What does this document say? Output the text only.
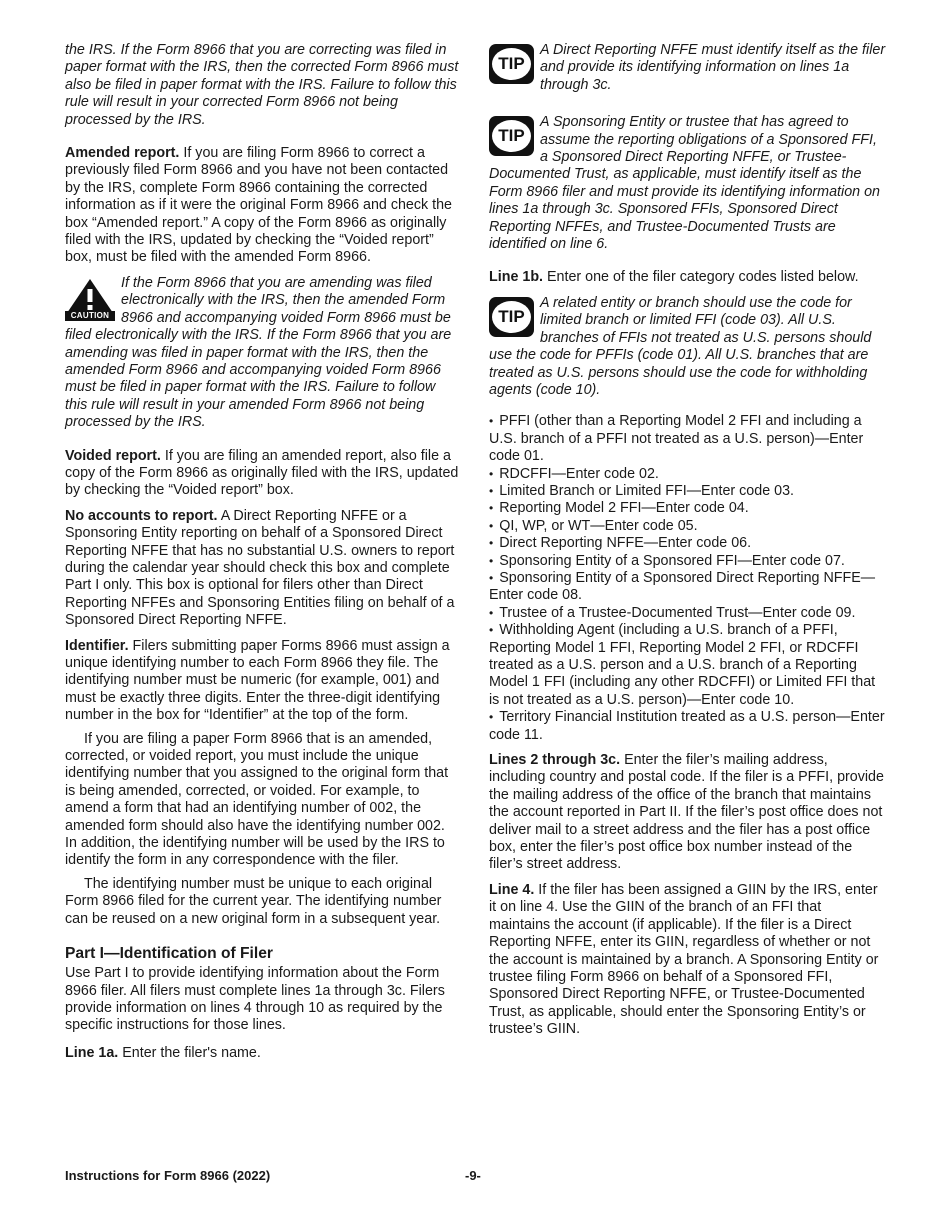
the IRS. If the Form 8966 that you are correcting was filed in paper format with the IRS, then the corrected Form 8966 must also be filed in paper format with the IRS. Failure to follow this rule will result in your corrected Form 8966 not being processed by the IRS.

Amended report. If you are filing Form 8966 to correct a previously filed Form 8966 and you have not been contacted by the IRS, complete Form 8966 containing the corrected information as if it were the original Form 8966 and check the box “Amended report.” A copy of the Form 8966 as originally filed with the IRS, updated by checking the “Voided report” box, must be filed with the amended Form 8966.

CAUTION

If the Form 8966 that you are amending was filed electronically with the IRS, then the amended Form 8966 and accompanying voided Form 8966 must be filed electronically with the IRS. If the Form 8966 that you are amending was filed in paper format with the IRS, then the amended Form 8966 and accompanying voided Form 8966 must be filed in paper format with the IRS. Failure to follow this rule will result in your amended Form 8966 not being processed by the IRS.

Voided report. If you are filing an amended report, also file a copy of the Form 8966 as originally filed with the IRS, updated by checking the “Voided report” box.

No accounts to report. A Direct Reporting NFFE or a Sponsoring Entity reporting on behalf of a Sponsored Direct Reporting NFFE that has no substantial U.S. owners to report during the calendar year should check this box and complete Part I only. This box is optional for filers other than Direct Reporting NFFEs and Sponsoring Entities filing on behalf of a Sponsored Direct Reporting NFFE.

Identifier. Filers submitting paper Forms 8966 must assign a unique identifying number to each Form 8966 they file. The identifying number must be numeric (for example, 001) and must be exactly three digits. Enter the three-digit identifying number in the box for “Identifier” at the top of the form.

If you are filing a paper Form 8966 that is an amended, corrected, or voided report, you must include the unique identifying number that you assigned to the original form that is being amended, corrected, or voided. For example, to amend a form that had an identifying number of 002, the amended form should also have the identifying number 002. In addition, the identifying number will be used by the IRS to identify the form in any correspondence with the filer.

The identifying number must be unique to each original Form 8966 filed for the current year. The identifying number can be reused on a new original form in a subsequent year.

Part I—Identification of Filer

Use Part I to provide identifying information about the Form 8966 filer. All filers must complete lines 1a through 3c. Filers provide information on lines 4 through 10 as required by the specific instructions for those lines.

Line 1a. Enter the filer's name.

TIP

A Direct Reporting NFFE must identify itself as the filer and provide its identifying information on lines 1a through 3c.

TIP

A Sponsoring Entity or trustee that has agreed to assume the reporting obligations of a Sponsored FFI, a Sponsored Direct Reporting NFFE, or Trustee-Documented Trust, as applicable, must identify itself as the Form 8966 filer and must provide its identifying information on lines 1a through 3c. Sponsored FFIs, Sponsored Direct Reporting NFFEs, and Trustee-Documented Trusts are identified on line 6.

Line 1b. Enter one of the filer category codes listed below.

TIP

A related entity or branch should use the code for limited branch or limited FFI (code 03). All U.S. branches of FFIs not treated as U.S. persons should use the code for PFFIs (code 01). All U.S. branches that are treated as U.S. persons should use the code for withholding agents (code 10).

• PFFI (other than a Reporting Model 2 FFI and including a U.S. branch of a PFFI not treated as a U.S. person)—Enter code 01.
• RDCFFI—Enter code 02.
• Limited Branch or Limited FFI—Enter code 03.
• Reporting Model 2 FFI—Enter code 04.
• QI, WP, or WT—Enter code 05.
• Direct Reporting NFFE—Enter code 06.
• Sponsoring Entity of a Sponsored FFI—Enter code 07.
• Sponsoring Entity of a Sponsored Direct Reporting NFFE—Enter code 08.
• Trustee of a Trustee-Documented Trust—Enter code 09.
• Withholding Agent (including a U.S. branch of a PFFI, Reporting Model 1 FFI, Reporting Model 2 FFI, or RDCFFI treated as a U.S. person and a U.S. branch of a Reporting Model 1 FFI (including any other RDCFFI) or Limited FFI that is not treated as a U.S. person)—Enter code 10.
• Territory Financial Institution treated as a U.S. person—Enter code 11.

Lines 2 through 3c. Enter the filer’s mailing address, including country and postal code. If the filer is a PFFI, provide the mailing address of the office of the branch that maintains the account reported in Part II. If the filer’s post office does not deliver mail to a street address and the filer has a post office box, enter the filer’s post office box number instead of the filer’s street address.

Line 4. If the filer has been assigned a GIIN by the IRS, enter it on line 4. Use the GIIN of the branch of an FFI that maintains the account (if applicable). If the filer is a Direct Reporting NFFE, enter its GIIN, regardless of whether or not the account is maintained by a branch. A Sponsoring Entity or trustee filing Form 8966 on behalf of a Sponsored FFI, Sponsored Direct Reporting NFFE, or Trustee-Documented Trust, as applicable, should enter the Sponsoring Entity’s or trustee’s GIIN.

Instructions for Form 8966 (2022)	-9-
